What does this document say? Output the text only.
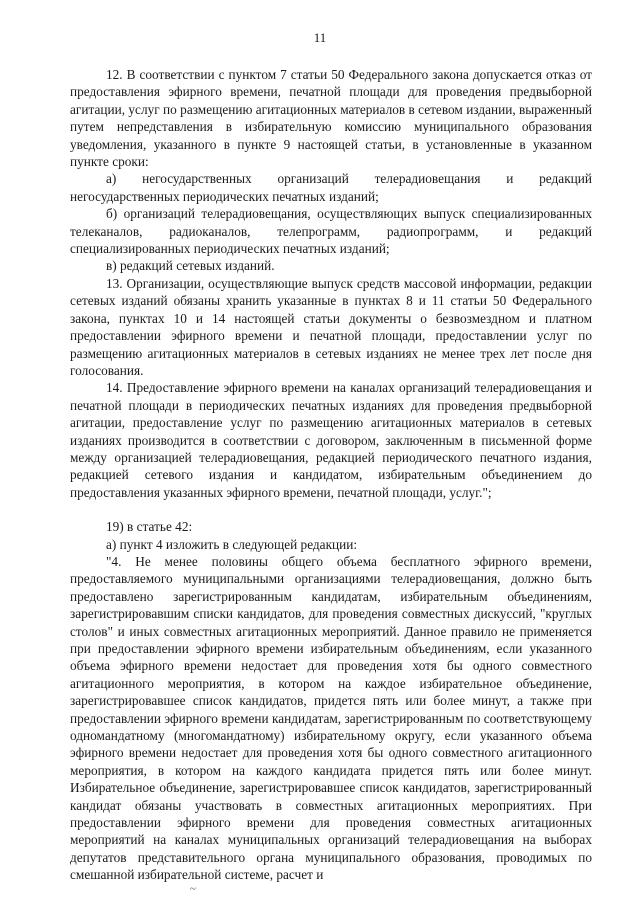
11

12. В соответствии с пунктом 7 статьи 50 Федерального закона допускается отказ от предоставления эфирного времени, печатной площади для проведения предвыборной агитации, услуг по размещению агитационных материалов в сетевом издании, выраженный путем непредставления в избирательную комиссию муниципального образования уведомления, указанного в пункте 9 настоящей статьи, в установленные в указанном пункте сроки:

а) негосударственных организаций телерадиовещания и редакций негосударственных периодических печатных изданий;

б) организаций телерадиовещания, осуществляющих выпуск специализированных телеканалов, радиоканалов, телепрограмм, радиопрограмм, и редакций специализированных периодических печатных изданий;

в) редакций сетевых изданий.

13. Организации, осуществляющие выпуск средств массовой информации, редакции сетевых изданий обязаны хранить указанные в пунктах 8 и 11 статьи 50 Федерального закона, пунктах 10 и 14 настоящей статьи документы о безвозмездном и платном предоставлении эфирного времени и печатной площади, предоставлении услуг по размещению агитационных материалов в сетевых изданиях не менее трех лет после дня голосования.

14. Предоставление эфирного времени на каналах организаций телерадиовещания и печатной площади в периодических печатных изданиях для проведения предвыборной агитации, предоставление услуг по размещению агитационных материалов в сетевых изданиях производится в соответствии с договором, заключенным в письменной форме между организацией телерадиовещания, редакцией периодического печатного издания, редакцией сетевого издания и кандидатом, избирательным объединением до предоставления указанных эфирного времени, печатной площади, услуг.";

19) в статье 42:

а) пункт 4 изложить в следующей редакции:

"4. Не менее половины общего объема бесплатного эфирного времени, предоставляемого муниципальными организациями телерадиовещания, должно быть предоставлено зарегистрированным кандидатам, избирательным объединениям, зарегистрировавшим списки кандидатов, для проведения совместных дискуссий, "круглых столов" и иных совместных агитационных мероприятий. Данное правило не применяется при предоставлении эфирного времени избирательным объединениям, если указанного объема эфирного времени недостает для проведения хотя бы одного совместного агитационного мероприятия, в котором на каждое избирательное объединение, зарегистрировавшее список кандидатов, придется пять или более минут, а также при предоставлении эфирного времени кандидатам, зарегистрированным по соответствующему одномандатному (многомандатному) избирательному округу, если указанного объема эфирного времени недостает для проведения хотя бы одного совместного агитационного мероприятия, в котором на каждого кандидата придется пять или более минут. Избирательное объединение, зарегистрировавшее список кандидатов, зарегистрированный кандидат обязаны участвовать в совместных агитационных мероприятиях. При предоставлении эфирного времени для проведения совместных агитационных мероприятий на каналах муниципальных организаций телерадиовещания на выборах депутатов представительного органа муниципального образования, проводимых по смешанной избирательной системе, расчет и

~
